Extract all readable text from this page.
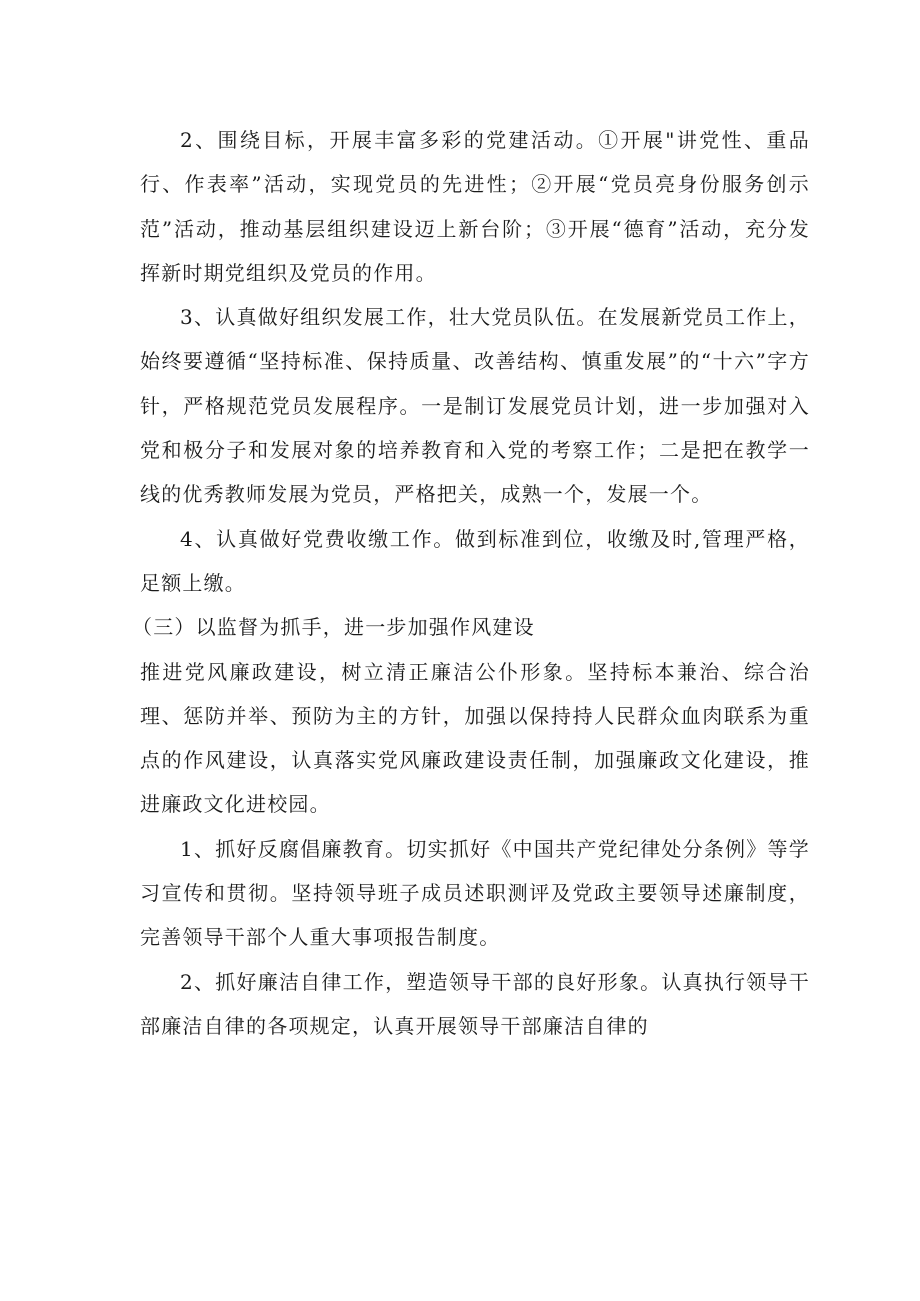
2、围绕目标，开展丰富多彩的党建活动。①开展"讲党性、重品行、作表率”活动，实现党员的先进性；②开展“党员亮身份服务创示范”活动，推动基层组织建设迈上新台阶；③开展“德育”活动，充分发挥新时期党组织及党员的作用。

3、认真做好组织发展工作，壮大党员队伍。在发展新党员工作上，始终要遵循“坚持标准、保持质量、改善结构、慎重发展”的“十六”字方针，严格规范党员发展程序。一是制订发展党员计划，进一步加强对入党和极分子和发展对象的培养教育和入党的考察工作；二是把在教学一线的优秀教师发展为党员，严格把关，成熟一个，发展一个。

4、认真做好党费收缴工作。做到标准到位，收缴及时,管理严格，足额上缴。

（三）以监督为抓手，进一步加强作风建设

推进党风廉政建设，树立清正廉洁公仆形象。坚持标本兼治、综合治理、惩防并举、预防为主的方针，加强以保持持人民群众血肉联系为重点的作风建设，认真落实党风廉政建设责任制，加强廉政文化建设，推进廉政文化进校园。

1、抓好反腐倡廉教育。切实抓好《中国共产党纪律处分条例》等学习宣传和贯彻。坚持领导班子成员述职测评及党政主要领导述廉制度，完善领导干部个人重大事项报告制度。

2、抓好廉洁自律工作，塑造领导干部的良好形象。认真执行领导干部廉洁自律的各项规定，认真开展领导干部廉洁自律的
